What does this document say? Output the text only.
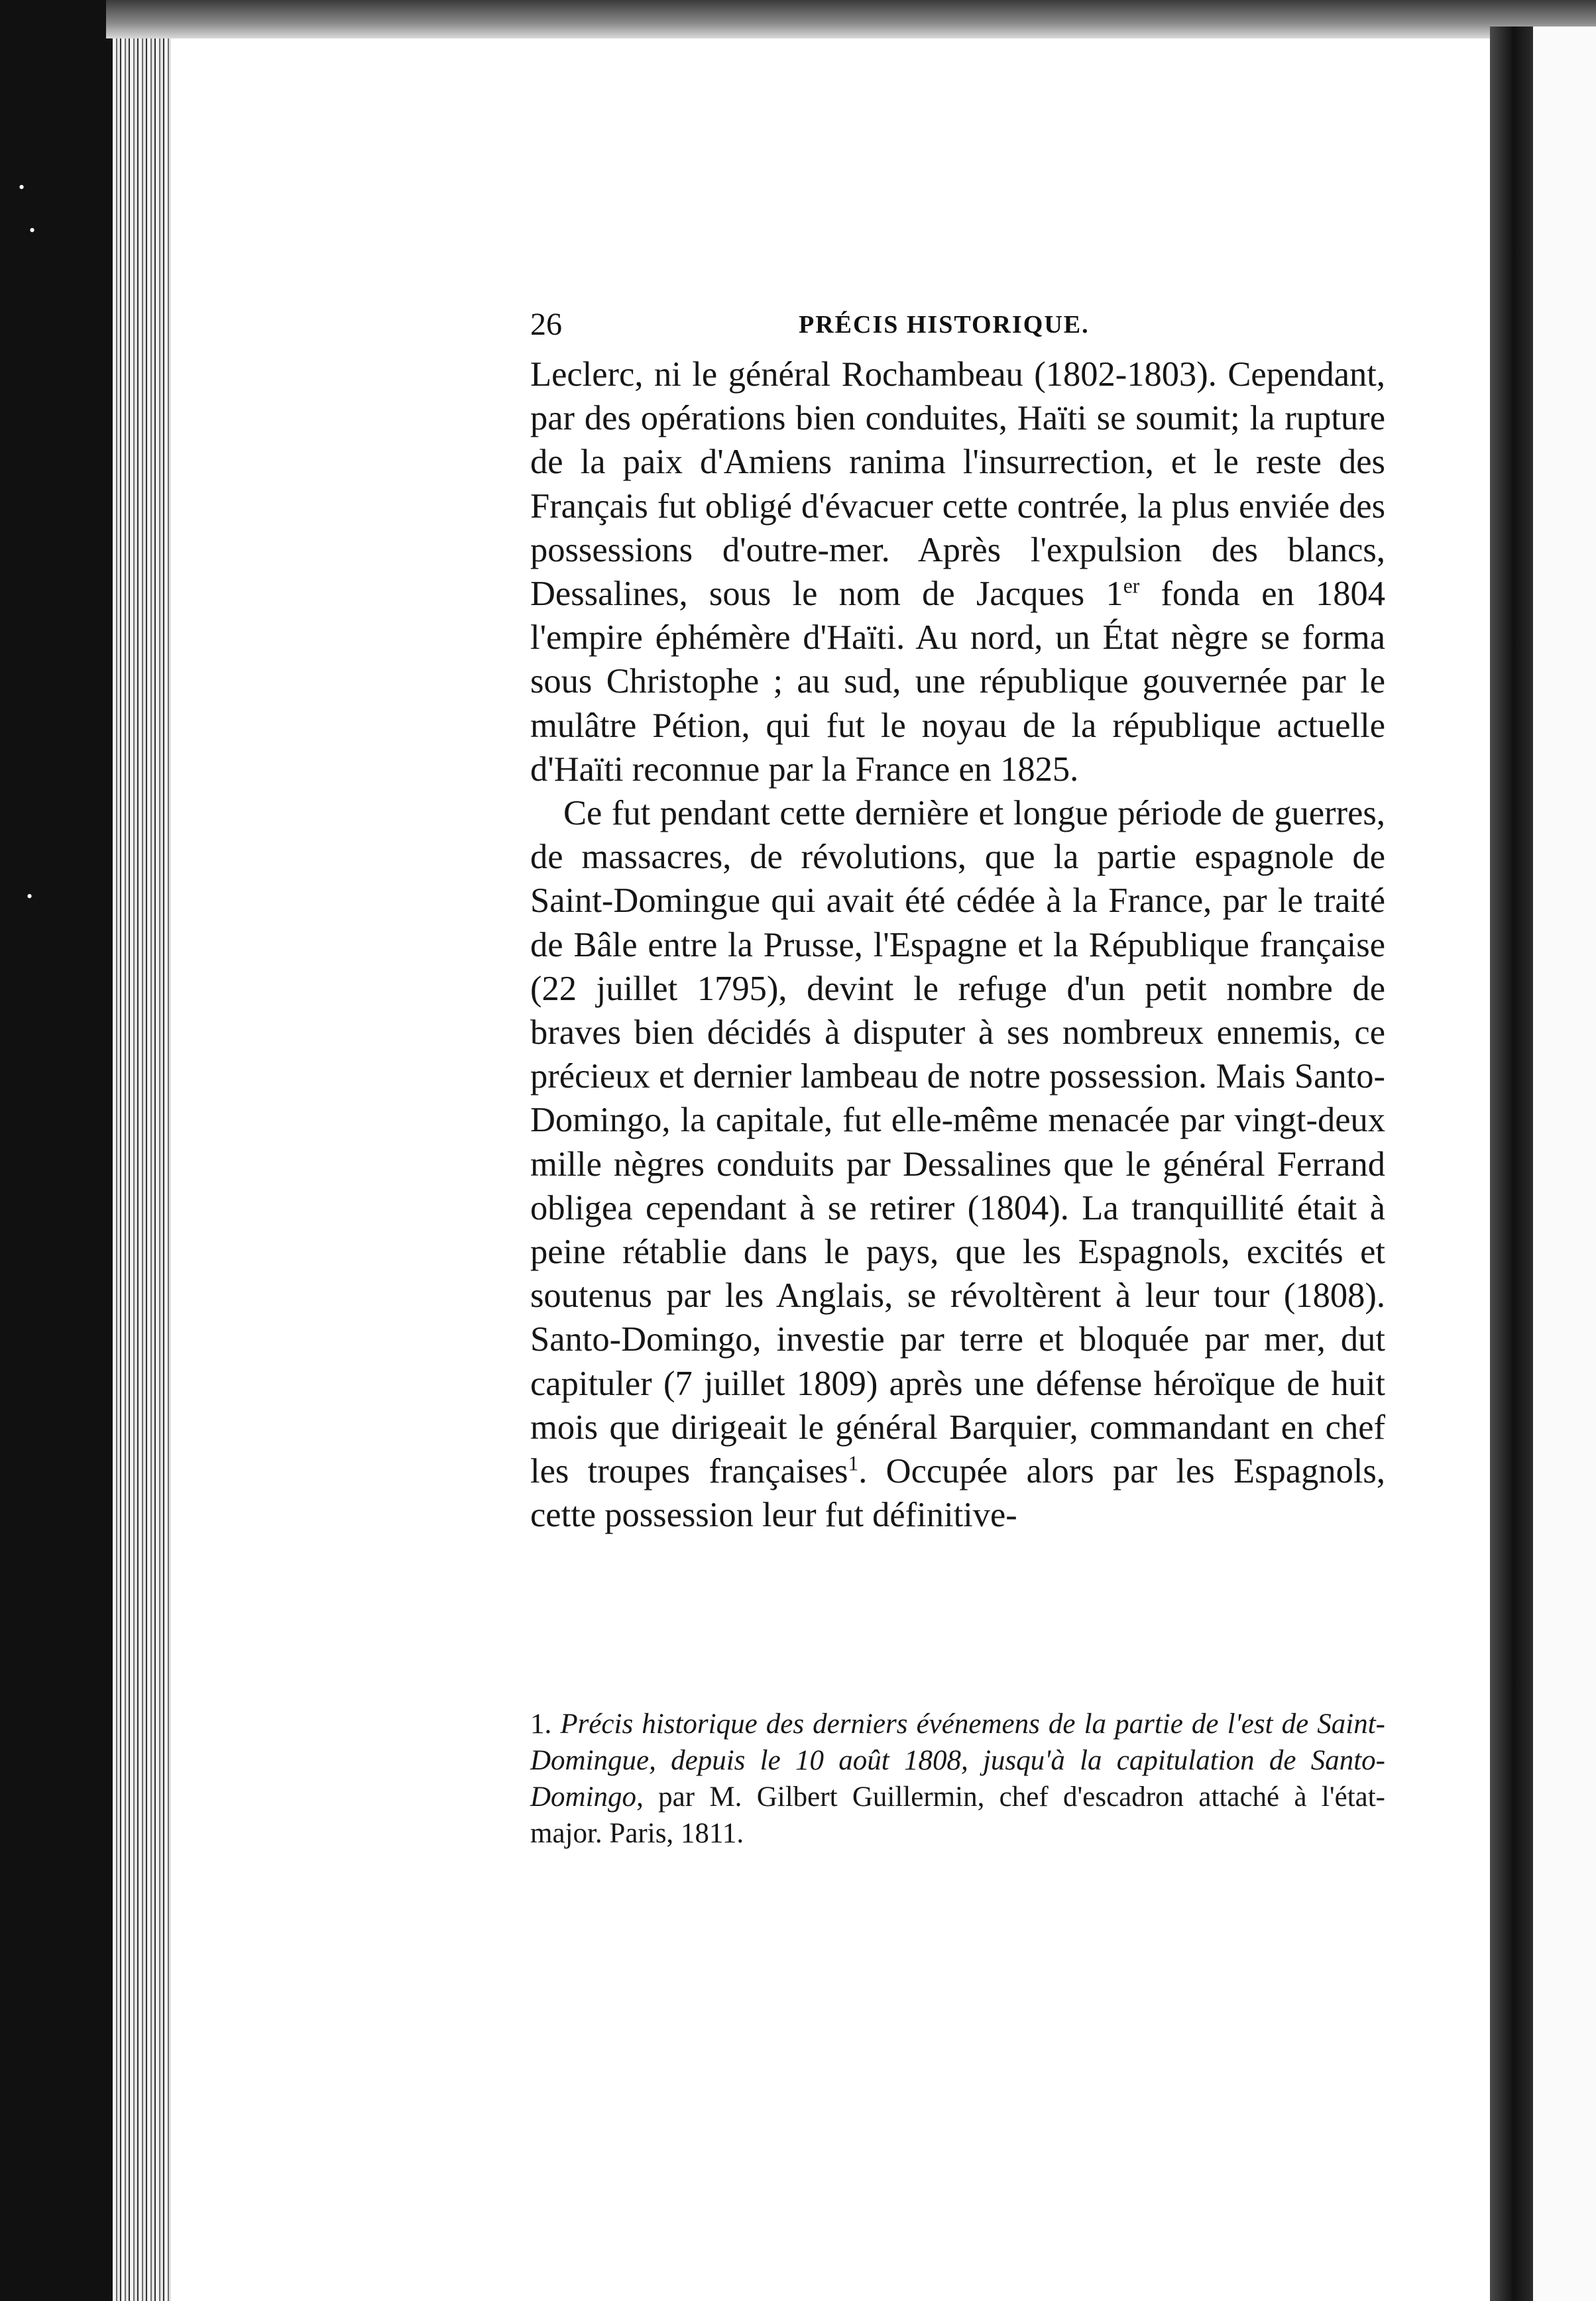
•
•
•
26	PRÉCIS HISTORIQUE.

Leclerc, ni le général Rochambeau (1802-1803). Cependant, par des opérations bien conduites, Haïti se soumit; la rupture de la paix d'Amiens ranima l'insurrection, et le reste des Français fut obligé d'évacuer cette contrée, la plus enviée des possessions d'outre-mer. Après l'expulsion des blancs, Dessalines, sous le nom de Jacques 1er fonda en 1804 l'empire éphémère d'Haïti. Au nord, un État nègre se forma sous Christophe ; au sud, une république gouvernée par le mulâtre Pétion, qui fut le noyau de la république actuelle d'Haïti reconnue par la France en 1825.

Ce fut pendant cette dernière et longue période de guerres, de massacres, de révolutions, que la partie espagnole de Saint-Domingue qui avait été cédée à la France, par le traité de Bâle entre la Prusse, l'Espagne et la République française (22 juillet 1795), devint le refuge d'un petit nombre de braves bien décidés à disputer à ses nombreux ennemis, ce précieux et dernier lambeau de notre possession. Mais Santo-Domingo, la capitale, fut elle-même menacée par vingt-deux mille nègres conduits par Dessalines que le général Ferrand obligea cependant à se retirer (1804). La tranquillité était à peine rétablie dans le pays, que les Espagnols, excités et soutenus par les Anglais, se révoltèrent à leur tour (1808). Santo-Domingo, investie par terre et bloquée par mer, dut capituler (7 juillet 1809) après une défense héroïque de huit mois que dirigeait le général Barquier, commandant en chef les troupes françaises$^1$. Occupée alors par les Espagnols, cette possession leur fut définitive-

1. Précis historique des derniers événemens de la partie de l'est de Saint-Domingue, depuis le 10 août 1808, jusqu'à la capitulation de Santo-Domingo, par M. Gilbert Guillermin, chef d'escadron attaché à l'état-major. Paris, 1811.
